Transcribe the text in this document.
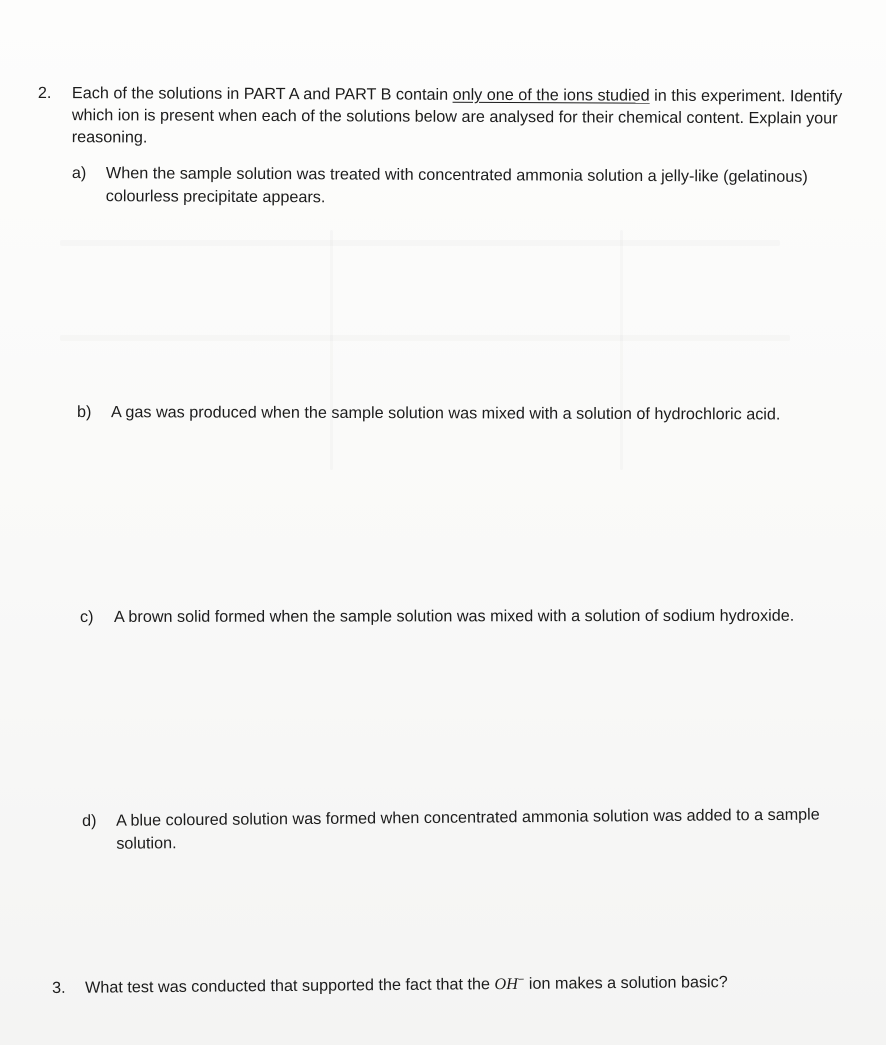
2. Each of the solutions in PART A and PART B contain only one of the ions studied in this experiment. Identify which ion is present when each of the solutions below are analysed for their chemical content. Explain your reasoning.
a) When the sample solution was treated with concentrated ammonia solution a jelly-like (gelatinous) colourless precipitate appears.
b) A gas was produced when the sample solution was mixed with a solution of hydrochloric acid.
c) A brown solid formed when the sample solution was mixed with a solution of sodium hydroxide.
d) A blue coloured solution was formed when concentrated ammonia solution was added to a sample solution.
3. What test was conducted that supported the fact that the OH− ion makes a solution basic?
